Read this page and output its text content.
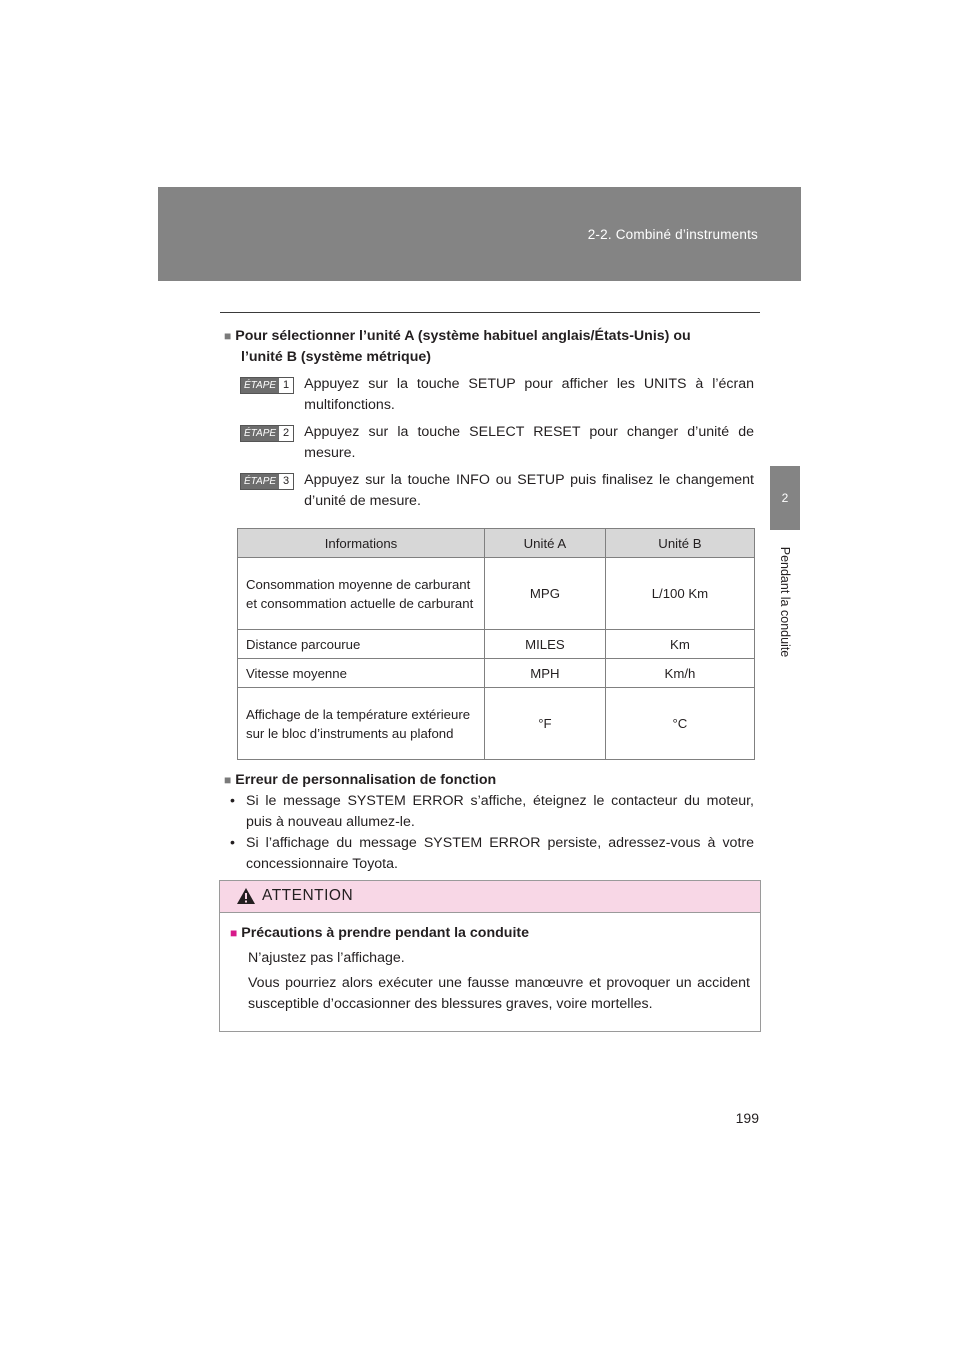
2-2. Combiné d’instruments
2
Pendant la conduite
■ Pour sélectionner l’unité A (système habituel anglais/États-Unis) ou
l’unité B (système métrique)
ÉTAPE 1 Appuyez sur la touche SETUP pour afficher les UNITS à l’écran multifonctions.
ÉTAPE 2 Appuyez sur la touche SELECT RESET pour changer d’unité de mesure.
ÉTAPE 3 Appuyez sur la touche INFO ou SETUP puis finalisez le changement d’unité de mesure.
Informations	Unité A	Unité B
Consommation moyenne de carburant et consommation actuelle de carburant	MPG	L/100 Km
Distance parcourue	MILES	Km
Vitesse moyenne	MPH	Km/h
Affichage de la température extérieure sur le bloc d’instruments au plafond	°F	°C
■ Erreur de personnalisation de fonction
• Si le message SYSTEM ERROR s’affiche, éteignez le contacteur du moteur, puis à nouveau allumez-le.
• Si l’affichage du message SYSTEM ERROR persiste, adressez-vous à votre concessionnaire Toyota.
ATTENTION
■ Précautions à prendre pendant la conduite
N’ajustez pas l’affichage.
Vous pourriez alors exécuter une fausse manœuvre et provoquer un accident susceptible d’occasionner des blessures graves, voire mortelles.
199
